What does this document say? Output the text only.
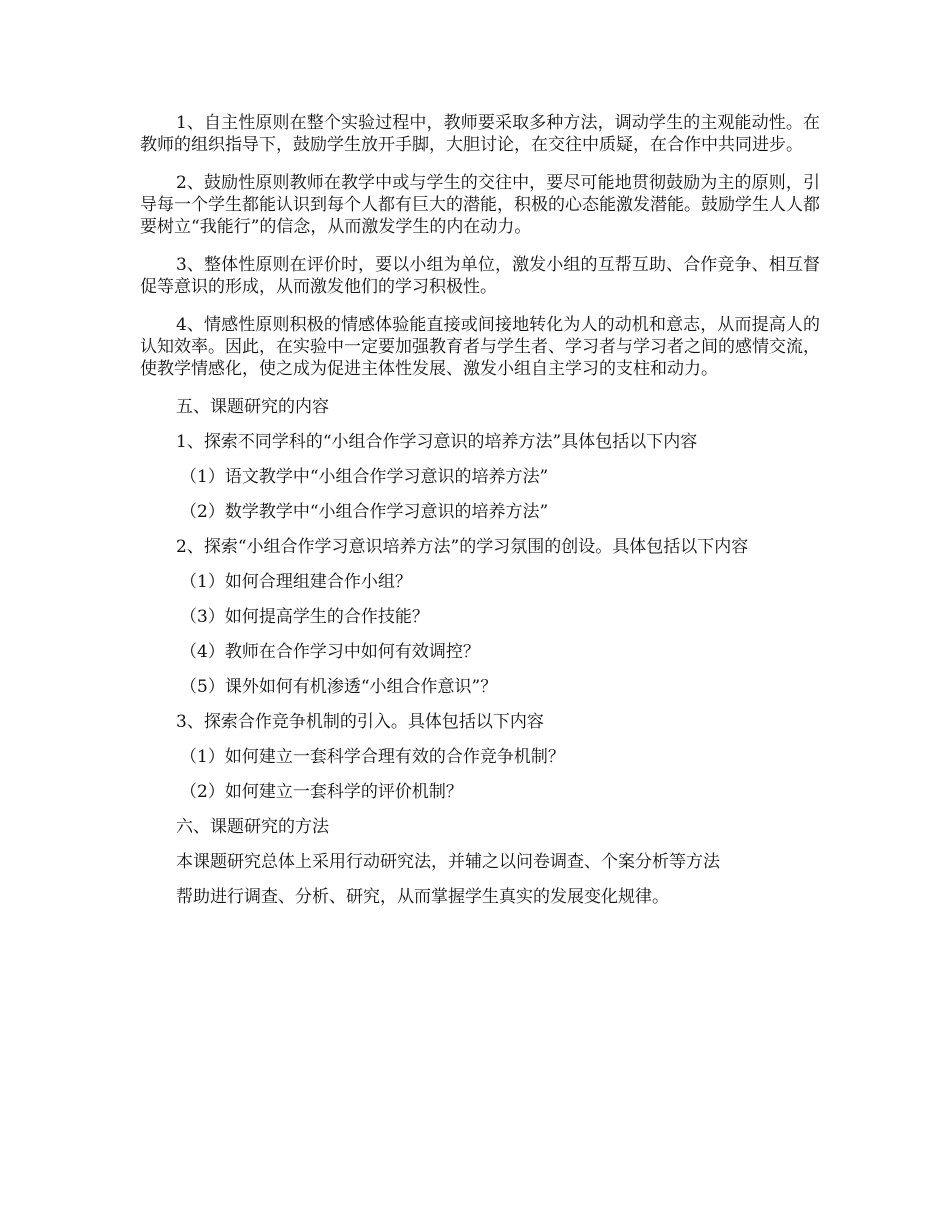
1、自主性原则在整个实验过程中，教师要采取多种方法，调动学生的主观能动性。在教师的组织指导下，鼓励学生放开手脚，大胆讨论，在交往中质疑，在合作中共同进步。

2、鼓励性原则教师在教学中或与学生的交往中，要尽可能地贯彻鼓励为主的原则，引导每一个学生都能认识到每个人都有巨大的潜能，积极的心态能激发潜能。鼓励学生人人都要树立“我能行”的信念，从而激发学生的内在动力。

3、整体性原则在评价时，要以小组为单位，激发小组的互帮互助、合作竞争、相互督促等意识的形成，从而激发他们的学习积极性。

4、情感性原则积极的情感体验能直接或间接地转化为人的动机和意志，从而提高人的认知效率。因此，在实验中一定要加强教育者与学生者、学习者与学习者之间的感情交流，使教学情感化，使之成为促进主体性发展、激发小组自主学习的支柱和动力。

五、课题研究的内容

1、探索不同学科的“小组合作学习意识的培养方法”具体包括以下内容

（1）语文教学中“小组合作学习意识的培养方法”

（2）数学教学中“小组合作学习意识的培养方法”

2、探索“小组合作学习意识培养方法”的学习氛围的创设。具体包括以下内容

（1）如何合理组建合作小组？

（3）如何提高学生的合作技能？

（4）教师在合作学习中如何有效调控？

（5）课外如何有机渗透“小组合作意识”？

3、探索合作竞争机制的引入。具体包括以下内容

（1）如何建立一套科学合理有效的合作竞争机制？

（2）如何建立一套科学的评价机制？

六、课题研究的方法

本课题研究总体上采用行动研究法，并辅之以问卷调查、个案分析等方法

帮助进行调查、分析、研究，从而掌握学生真实的发展变化规律。
